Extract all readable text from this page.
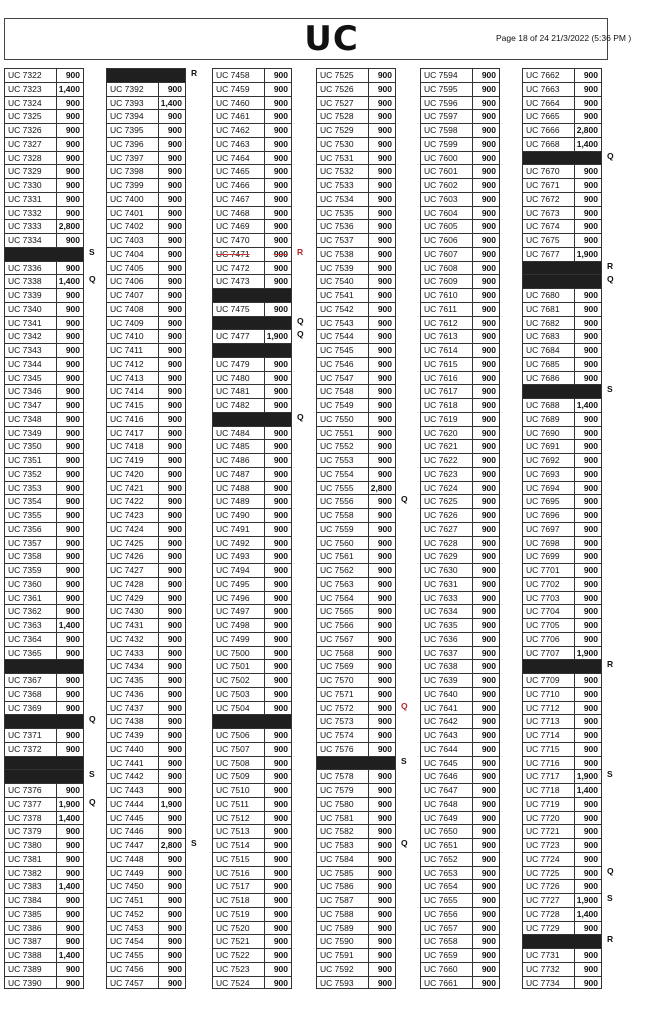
UC	Page 18 of 24 21/3/2022 (5:36 PM )
UC 7322	900
UC 7323	1,400
UC 7324	900
UC 7325	900
UC 7326	900
UC 7327	900
UC 7328	900
UC 7329	900
UC 7330	900
UC 7331	900
UC 7332	900
UC 7333	2,800
UC 7334	900
S
UC 7336	900
UC 7338	1,400	Q
UC 7339	900
UC 7340	900
UC 7341	900
UC 7342	900
UC 7343	900
UC 7344	900
UC 7345	900
UC 7346	900
UC 7347	900
UC 7348	900
UC 7349	900
UC 7350	900
UC 7351	900
UC 7352	900
UC 7353	900
UC 7354	900
UC 7355	900
UC 7356	900
UC 7357	900
UC 7358	900
UC 7359	900
UC 7360	900
UC 7361	900
UC 7362	900
UC 7363	1,400
UC 7364	900
UC 7365	900
UC 7367	900
UC 7368	900
UC 7369	900
Q
UC 7371	900
UC 7372	900
S
UC 7376	900
UC 7377	1,900	Q
UC 7378	1,400
UC 7379	900
UC 7380	900
UC 7381	900
UC 7382	900
UC 7383	1,400
UC 7384	900
UC 7385	900
UC 7386	900
UC 7387	900
UC 7388	1,400
UC 7389	900
UC 7390	900
R
UC 7392	900
UC 7393	1,400
UC 7394	900
UC 7395	900
UC 7396	900
UC 7397	900
UC 7398	900
UC 7399	900
UC 7400	900
UC 7401	900
UC 7402	900
UC 7403	900
UC 7404	900
UC 7405	900
UC 7406	900
UC 7407	900
UC 7408	900
UC 7409	900
UC 7410	900
UC 7411	900
UC 7412	900
UC 7413	900
UC 7414	900
UC 7415	900
UC 7416	900
UC 7417	900
UC 7418	900
UC 7419	900
UC 7420	900
UC 7421	900
UC 7422	900
UC 7423	900
UC 7424	900
UC 7425	900
UC 7426	900
UC 7427	900
UC 7428	900
UC 7429	900
UC 7430	900
UC 7431	900
UC 7432	900
UC 7433	900
UC 7434	900
UC 7435	900
UC 7436	900
UC 7437	900
UC 7438	900
UC 7439	900
UC 7440	900
UC 7441	900
UC 7442	900
UC 7443	900
UC 7444	1,900
UC 7445	900
UC 7446	900
UC 7447	2,800	S
UC 7448	900
UC 7449	900
UC 7450	900
UC 7451	900
UC 7452	900
UC 7453	900
UC 7454	900
UC 7455	900
UC 7456	900
UC 7457	900
UC 7458	900
UC 7459	900
UC 7460	900
UC 7461	900
UC 7462	900
UC 7463	900
UC 7464	900
UC 7465	900
UC 7466	900
UC 7467	900
UC 7468	900
UC 7469	900
UC 7470	900
UC 7471	900	R
UC 7472	900
UC 7473	900
UC 7475	900
Q
UC 7477	1,900	Q
UC 7479	900
UC 7480	900
UC 7481	900
UC 7482	900
Q
UC 7484	900
UC 7485	900
UC 7486	900
UC 7487	900
UC 7488	900
UC 7489	900
UC 7490	900
UC 7491	900
UC 7492	900
UC 7493	900
UC 7494	900
UC 7495	900
UC 7496	900
UC 7497	900
UC 7498	900
UC 7499	900
UC 7500	900
UC 7501	900
UC 7502	900
UC 7503	900
UC 7504	900
UC 7506	900
UC 7507	900
UC 7508	900
UC 7509	900
UC 7510	900
UC 7511	900
UC 7512	900
UC 7513	900
UC 7514	900
UC 7515	900
UC 7516	900
UC 7517	900
UC 7518	900
UC 7519	900
UC 7520	900
UC 7521	900
UC 7522	900
UC 7523	900
UC 7524	900
UC 7525	900
UC 7526	900
UC 7527	900
UC 7528	900
UC 7529	900
UC 7530	900
UC 7531	900
UC 7532	900
UC 7533	900
UC 7534	900
UC 7535	900
UC 7536	900
UC 7537	900
UC 7538	900
UC 7539	900
UC 7540	900
UC 7541	900
UC 7542	900
UC 7543	900
UC 7544	900
UC 7545	900
UC 7546	900
UC 7547	900
UC 7548	900
UC 7549	900
UC 7550	900
UC 7551	900
UC 7552	900
UC 7553	900
UC 7554	900
UC 7555	2,800
UC 7556	900	Q
UC 7558	900
UC 7559	900
UC 7560	900
UC 7561	900
UC 7562	900
UC 7563	900
UC 7564	900
UC 7565	900
UC 7566	900
UC 7567	900
UC 7568	900
UC 7569	900
UC 7570	900
UC 7571	900
UC 7572	900	Q
UC 7573	900
UC 7574	900
UC 7576	900
S
UC 7578	900
UC 7579	900
UC 7580	900
UC 7581	900
UC 7582	900
UC 7583	900	Q
UC 7584	900
UC 7585	900
UC 7586	900
UC 7587	900
UC 7588	900
UC 7589	900
UC 7590	900
UC 7591	900
UC 7592	900
UC 7593	900
UC 7594	900
UC 7595	900
UC 7596	900
UC 7597	900
UC 7598	900
UC 7599	900
UC 7600	900
UC 7601	900
UC 7602	900
UC 7603	900
UC 7604	900
UC 7605	900
UC 7606	900
UC 7607	900
UC 7608	900
UC 7609	900
UC 7610	900
UC 7611	900
UC 7612	900
UC 7613	900
UC 7614	900
UC 7615	900
UC 7616	900
UC 7617	900
UC 7618	900
UC 7619	900
UC 7620	900
UC 7621	900
UC 7622	900
UC 7623	900
UC 7624	900
UC 7625	900
UC 7626	900
UC 7627	900
UC 7628	900
UC 7629	900
UC 7630	900
UC 7631	900
UC 7633	900
UC 7634	900
UC 7635	900
UC 7636	900
UC 7637	900
UC 7638	900
UC 7639	900
UC 7640	900
UC 7641	900
UC 7642	900
UC 7643	900
UC 7644	900
UC 7645	900
UC 7646	900
UC 7647	900
UC 7648	900
UC 7649	900
UC 7650	900
UC 7651	900
UC 7652	900
UC 7653	900
UC 7654	900
UC 7655	900
UC 7656	900
UC 7657	900
UC 7658	900
UC 7659	900
UC 7660	900
UC 7661	900
UC 7662	900
UC 7663	900
UC 7664	900
UC 7665	900
UC 7666	2,800
UC 7668	1,400
Q
UC 7670	900
UC 7671	900
UC 7672	900
UC 7673	900
UC 7674	900
UC 7675	900
UC 7677	1,900
R
Q
UC 7680	900
UC 7681	900
UC 7682	900
UC 7683	900
UC 7684	900
UC 7685	900
UC 7686	900
S
UC 7688	1,400
UC 7689	900
UC 7690	900
UC 7691	900
UC 7692	900
UC 7693	900
UC 7694	900
UC 7695	900
UC 7696	900
UC 7697	900
UC 7698	900
UC 7699	900
UC 7701	900
UC 7702	900
UC 7703	900
UC 7704	900
UC 7705	900
UC 7706	900
UC 7707	1,900
R
UC 7709	900
UC 7710	900
UC 7712	900
UC 7713	900
UC 7714	900
UC 7715	900
UC 7716	900
UC 7717	1,900	S
UC 7718	1,400
UC 7719	900
UC 7720	900
UC 7721	900
UC 7723	900
UC 7724	900
UC 7725	900	Q
UC 7726	900
UC 7727	1,900	S
UC 7728	1,400
UC 7729	900
R
UC 7731	900
UC 7732	900
UC 7734	900
